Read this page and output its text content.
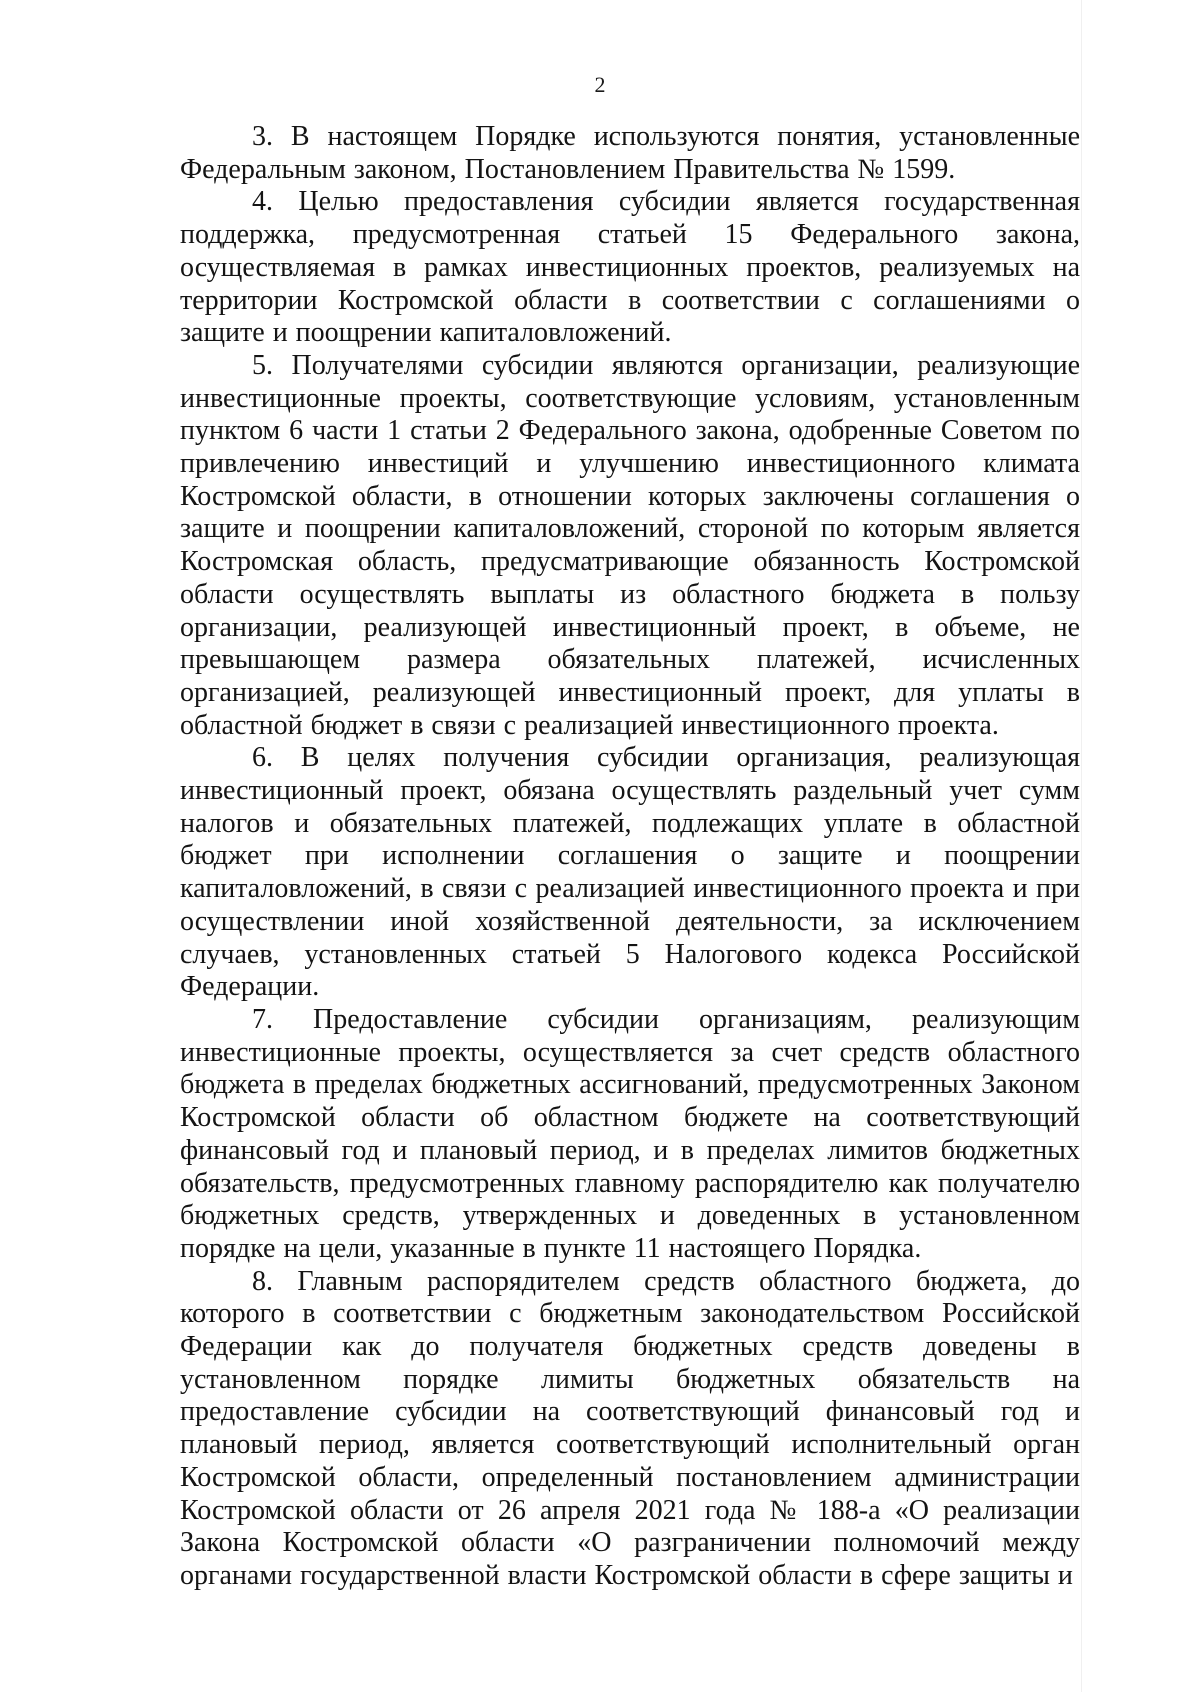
2

3. В настоящем Порядке используются понятия, установленные Федеральным законом, Постановлением Правительства № 1599.

4. Целью предоставления субсидии является государственная поддержка, предусмотренная статьей 15 Федерального закона, осуществляемая в рамках инвестиционных проектов, реализуемых на территории Костромской области в соответствии с соглашениями о защите и поощрении капиталовложений.

5. Получателями субсидии являются организации, реализующие инвестиционные проекты, соответствующие условиям, установленным пунктом 6 части 1 статьи 2 Федерального закона, одобренные Советом по привлечению инвестиций и улучшению инвестиционного климата Костромской области, в отношении которых заключены соглашения о защите и поощрении капиталовложений, стороной по которым является Костромская область, предусматривающие обязанность Костромской области осуществлять выплаты из областного бюджета в пользу организации, реализующей инвестиционный проект, в объеме, не превышающем размера обязательных платежей, исчисленных организацией, реализующей инвестиционный проект, для уплаты в областной бюджет в связи с реализацией инвестиционного проекта.

6. В целях получения субсидии организация, реализующая инвестиционный проект, обязана осуществлять раздельный учет сумм налогов и обязательных платежей, подлежащих уплате в областной бюджет при исполнении соглашения о защите и поощрении капиталовложений, в связи с реализацией инвестиционного проекта и при осуществлении иной хозяйственной деятельности, за исключением случаев, установленных статьей 5 Налогового кодекса Российской Федерации.

7. Предоставление субсидии организациям, реализующим инвестиционные проекты, осуществляется за счет средств областного бюджета в пределах бюджетных ассигнований, предусмотренных Законом Костромской области об областном бюджете на соответствующий финансовый год и плановый период, и в пределах лимитов бюджетных обязательств, предусмотренных главному распорядителю как получателю бюджетных средств, утвержденных и доведенных в установленном порядке на цели, указанные в пункте 11 настоящего Порядка.

8. Главным распорядителем средств областного бюджета, до которого в соответствии с бюджетным законодательством Российской Федерации как до получателя бюджетных средств доведены в установленном порядке лимиты бюджетных обязательств на предоставление субсидии на соответствующий финансовый год и плановый период, является соответствующий исполнительный орган Костромской области, определенный постановлением администрации Костромской области от 26 апреля 2021 года № 188-а «О реализации Закона Костромской области «О разграничении полномочий между органами государственной власти Костромской области в сфере защиты и
